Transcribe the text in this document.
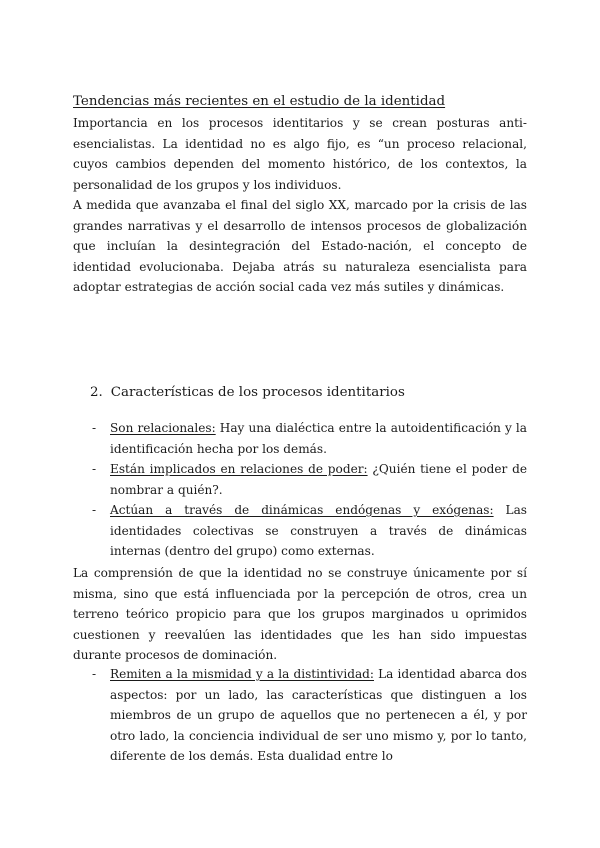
Tendencias más recientes en el estudio de la identidad

Importancia en los procesos identitarios y se crean posturas anti-esencialistas. La identidad no es algo fijo, es “un proceso relacional, cuyos cambios dependen del momento histórico, de los contextos, la personalidad de los grupos y los individuos.

A medida que avanzaba el final del siglo XX, marcado por la crisis de las grandes narrativas y el desarrollo de intensos procesos de globalización que incluían la desintegración del Estado-nación, el concepto de identidad evolucionaba. Dejaba atrás su naturaleza esencialista para adoptar estrategias de acción social cada vez más sutiles y dinámicas.

2. Características de los procesos identitarios
- Son relacionales: Hay una dialéctica entre la autoidentificación y la identificación hecha por los demás.
- Están implicados en relaciones de poder: ¿Quién tiene el poder de nombrar a quién?.
- Actúan a través de dinámicas endógenas y exógenas: Las identidades colectivas se construyen a través de dinámicas internas (dentro del grupo) como externas.

La comprensión de que la identidad no se construye únicamente por sí misma, sino que está influenciada por la percepción de otros, crea un terreno teórico propicio para que los grupos marginados u oprimidos cuestionen y reevalúen las identidades que les han sido impuestas durante procesos de dominación.

- Remiten a la mismidad y a la distintividad: La identidad abarca dos aspectos: por un lado, las características que distinguen a los miembros de un grupo de aquellos que no pertenecen a él, y por otro lado, la conciencia individual de ser uno mismo y, por lo tanto, diferente de los demás. Esta dualidad entre lo
